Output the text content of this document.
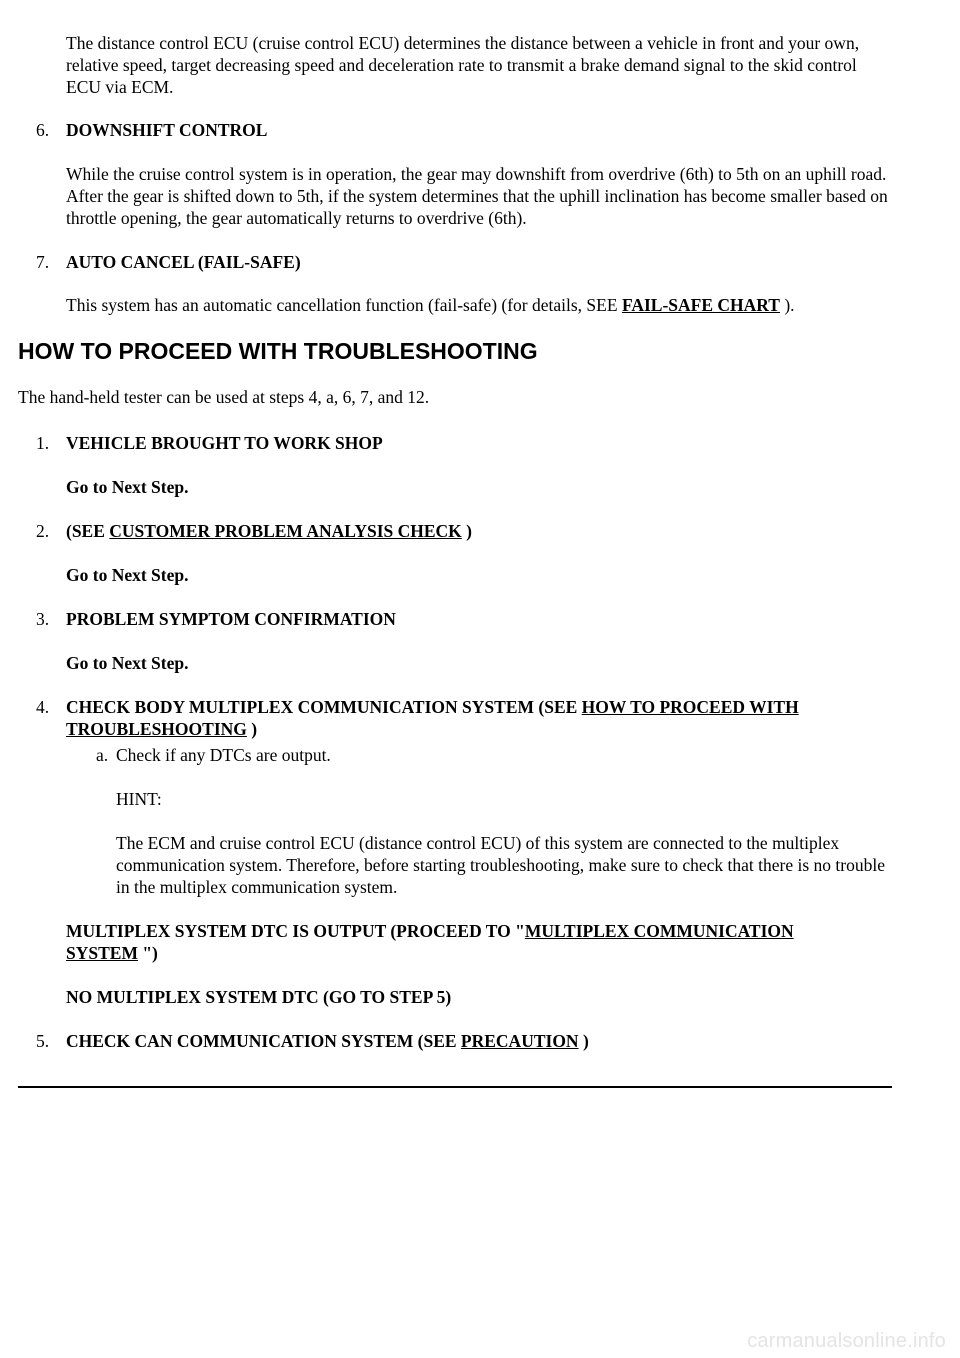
The distance control ECU (cruise control ECU) determines the distance between a vehicle in front and your own, relative speed, target decreasing speed and deceleration rate to transmit a brake demand signal to the skid control ECU via ECM.

6. DOWNSHIFT CONTROL

While the cruise control system is in operation, the gear may downshift from overdrive (6th) to 5th on an uphill road. After the gear is shifted down to 5th, if the system determines that the uphill inclination has become smaller based on throttle opening, the gear automatically returns to overdrive (6th).

7. AUTO CANCEL (FAIL-SAFE)

This system has an automatic cancellation function (fail-safe) (for details, SEE FAIL-SAFE CHART ).

HOW TO PROCEED WITH TROUBLESHOOTING

The hand-held tester can be used at steps 4, a, 6, 7, and 12.

1. VEHICLE BROUGHT TO WORK SHOP
Go to Next Step.
2. (SEE CUSTOMER PROBLEM ANALYSIS CHECK )
Go to Next Step.
3. PROBLEM SYMPTOM CONFIRMATION
Go to Next Step.
4. CHECK BODY MULTIPLEX COMMUNICATION SYSTEM (SEE HOW TO PROCEED WITH
TROUBLESHOOTING )
a. Check if any DTCs are output.
HINT:

The ECM and cruise control ECU (distance control ECU) of this system are connected to the multiplex communication system. Therefore, before starting troubleshooting, make sure to check that there is no trouble in the multiplex communication system.

MULTIPLEX SYSTEM DTC IS OUTPUT (PROCEED TO "MULTIPLEX COMMUNICATION
SYSTEM ")
NO MULTIPLEX SYSTEM DTC (GO TO STEP 5)
5. CHECK CAN COMMUNICATION SYSTEM (SEE PRECAUTION )
carmanualsonline.info
